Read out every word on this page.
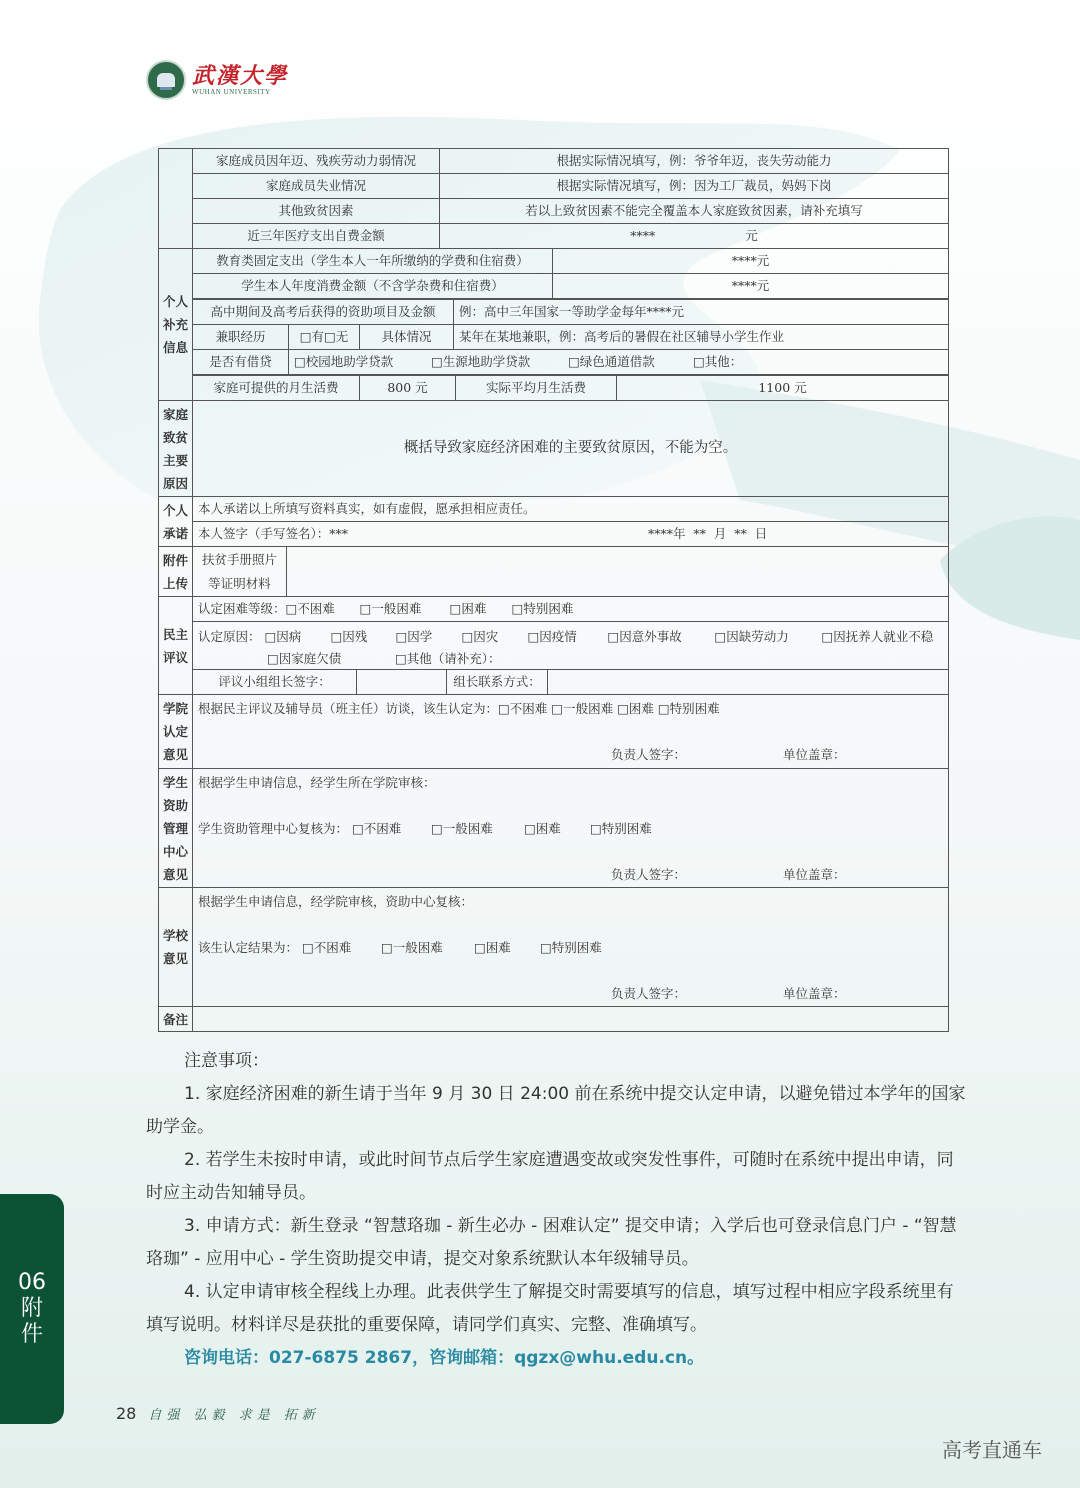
武漢大學
WUHAN UNIVERSITY
家庭成员因年迈、残疾劳动力弱情况	根据实际情况填写，例：爷爷年迈，丧失劳动能力
家庭成员失业情况	根据实际情况填写，例：因为工厂裁员，妈妈下岗
其他致贫因素	若以上致贫因素不能完全覆盖本人家庭致贫因素，请补充填写
近三年医疗支出自费金额	****	元
个人
补充
信息
教育类固定支出（学生本人一年所缴纳的学费和住宿费）	****元
学生本人年度消费金额（不含学杂费和住宿费）	****元
高中期间及高考后获得的资助项目及金额	例：高中三年国家一等助学金每年****元
兼职经历	□有□无	具体情况	某年在某地兼职，例：高考后的暑假在社区辅导小学生作业
是否有借贷	□校园地助学贷款	□生源地助学贷款	□绿色通道借款	□其他：
家庭可提供的月生活费	800 元	实际平均月生活费	1100 元
家庭
致贫
主要
原因
概括导致家庭经济困难的主要致贫原因，不能为空。
个人
承诺
本人承诺以上所填写资料真实，如有虚假，愿承担相应责任。
本人签字（手写签名）：***	****年  **  月  **  日
附件
上传
扶贫手册照片
等证明材料
民主
评议
认定困难等级： □不困难	□一般困难	□困难	□特别困难
认定原因： □因病 □因残 □因学 □因灾 □因疫情 □因意外事故	□因缺劳动力	□因抚养人就业不稳
□因家庭欠债	□其他（请补充）：
评议小组组长签字：	组长联系方式：
学院
认定
意见
根据民主评议及辅导员（班主任）访谈，该生认定为：□不困难 □一般困难 □困难 □特别困难
负责人签字：	单位盖章：
学生
资助
管理
中心
意见
根据学生申请信息，经学生所在学院审核：
学生资助管理中心复核为： □不困难 □一般困难 □困难 □特别困难
负责人签字：	单位盖章：
学校
意见
根据学生申请信息，经学院审核，资助中心复核：
该生认定结果为： □不困难 □一般困难 □困难 □特别困难
负责人签字：	单位盖章：
备注

注意事项：

1. 家庭经济困难的新生请于当年 9 月 30 日 24:00 前在系统中提交认定申请，以避免错过本学年的国家助学金。

2. 若学生未按时申请，或此时间节点后学生家庭遭遇变故或突发性事件，可随时在系统中提出申请，同时应主动告知辅导员。

3. 申请方式：新生登录 “智慧珞珈 - 新生必办 - 困难认定” 提交申请；入学后也可登录信息门户 - “智慧珞珈” - 应用中心 - 学生资助提交申请，提交对象系统默认本年级辅导员。

4. 认定申请审核全程线上办理。此表供学生了解提交时需要填写的信息，填写过程中相应字段系统里有填写说明。材料详尽是获批的重要保障，请同学们真实、完整、准确填写。

咨询电话：027-6875 2867，咨询邮箱：qgzx@whu.edu.cn。

06
附件
28 自强 弘毅 求是 拓新
高考直通车
